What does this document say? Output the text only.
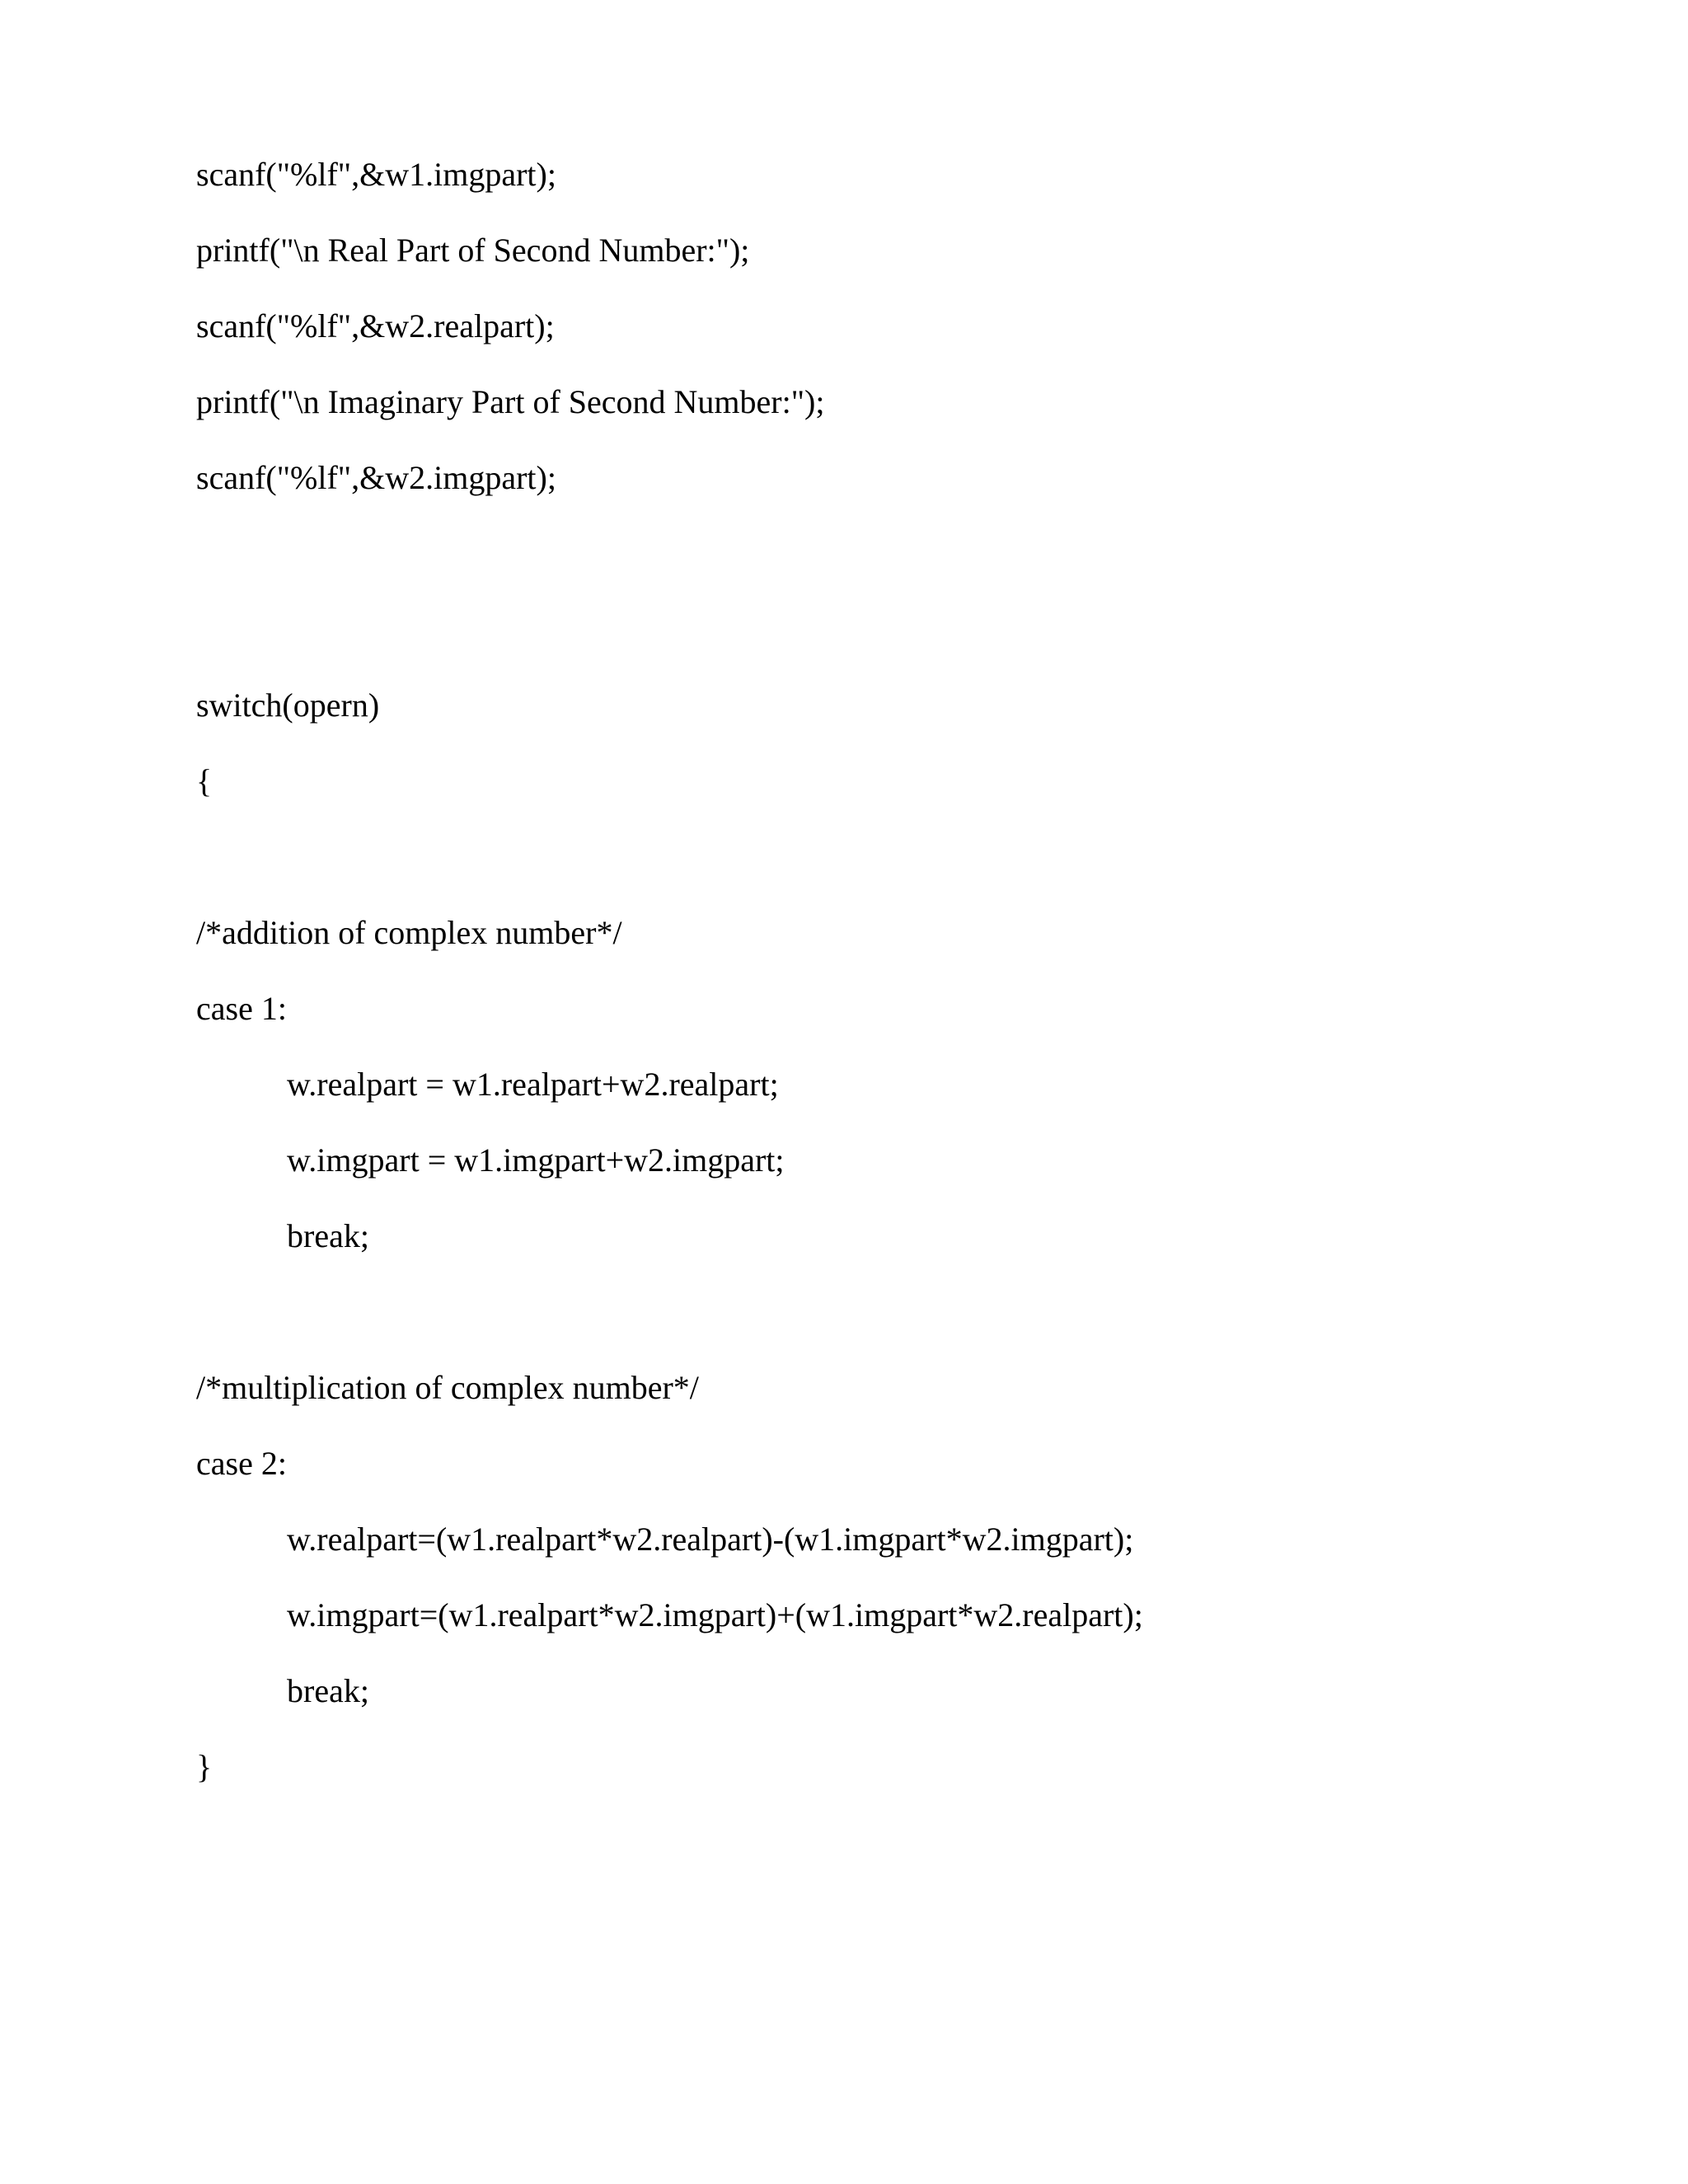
scanf("%lf",&w1.imgpart);

printf("\n Real Part of Second Number:");

scanf("%lf",&w2.realpart);

printf("\n Imaginary Part of Second Number:");

scanf("%lf",&w2.imgpart);

switch(opern)

{

/*addition of complex number*/

case 1:

w.realpart = w1.realpart+w2.realpart;

w.imgpart = w1.imgpart+w2.imgpart;

break;

/*multiplication of complex number*/

case 2:

w.realpart=(w1.realpart*w2.realpart)-(w1.imgpart*w2.imgpart);

w.imgpart=(w1.realpart*w2.imgpart)+(w1.imgpart*w2.realpart);

break;

}
